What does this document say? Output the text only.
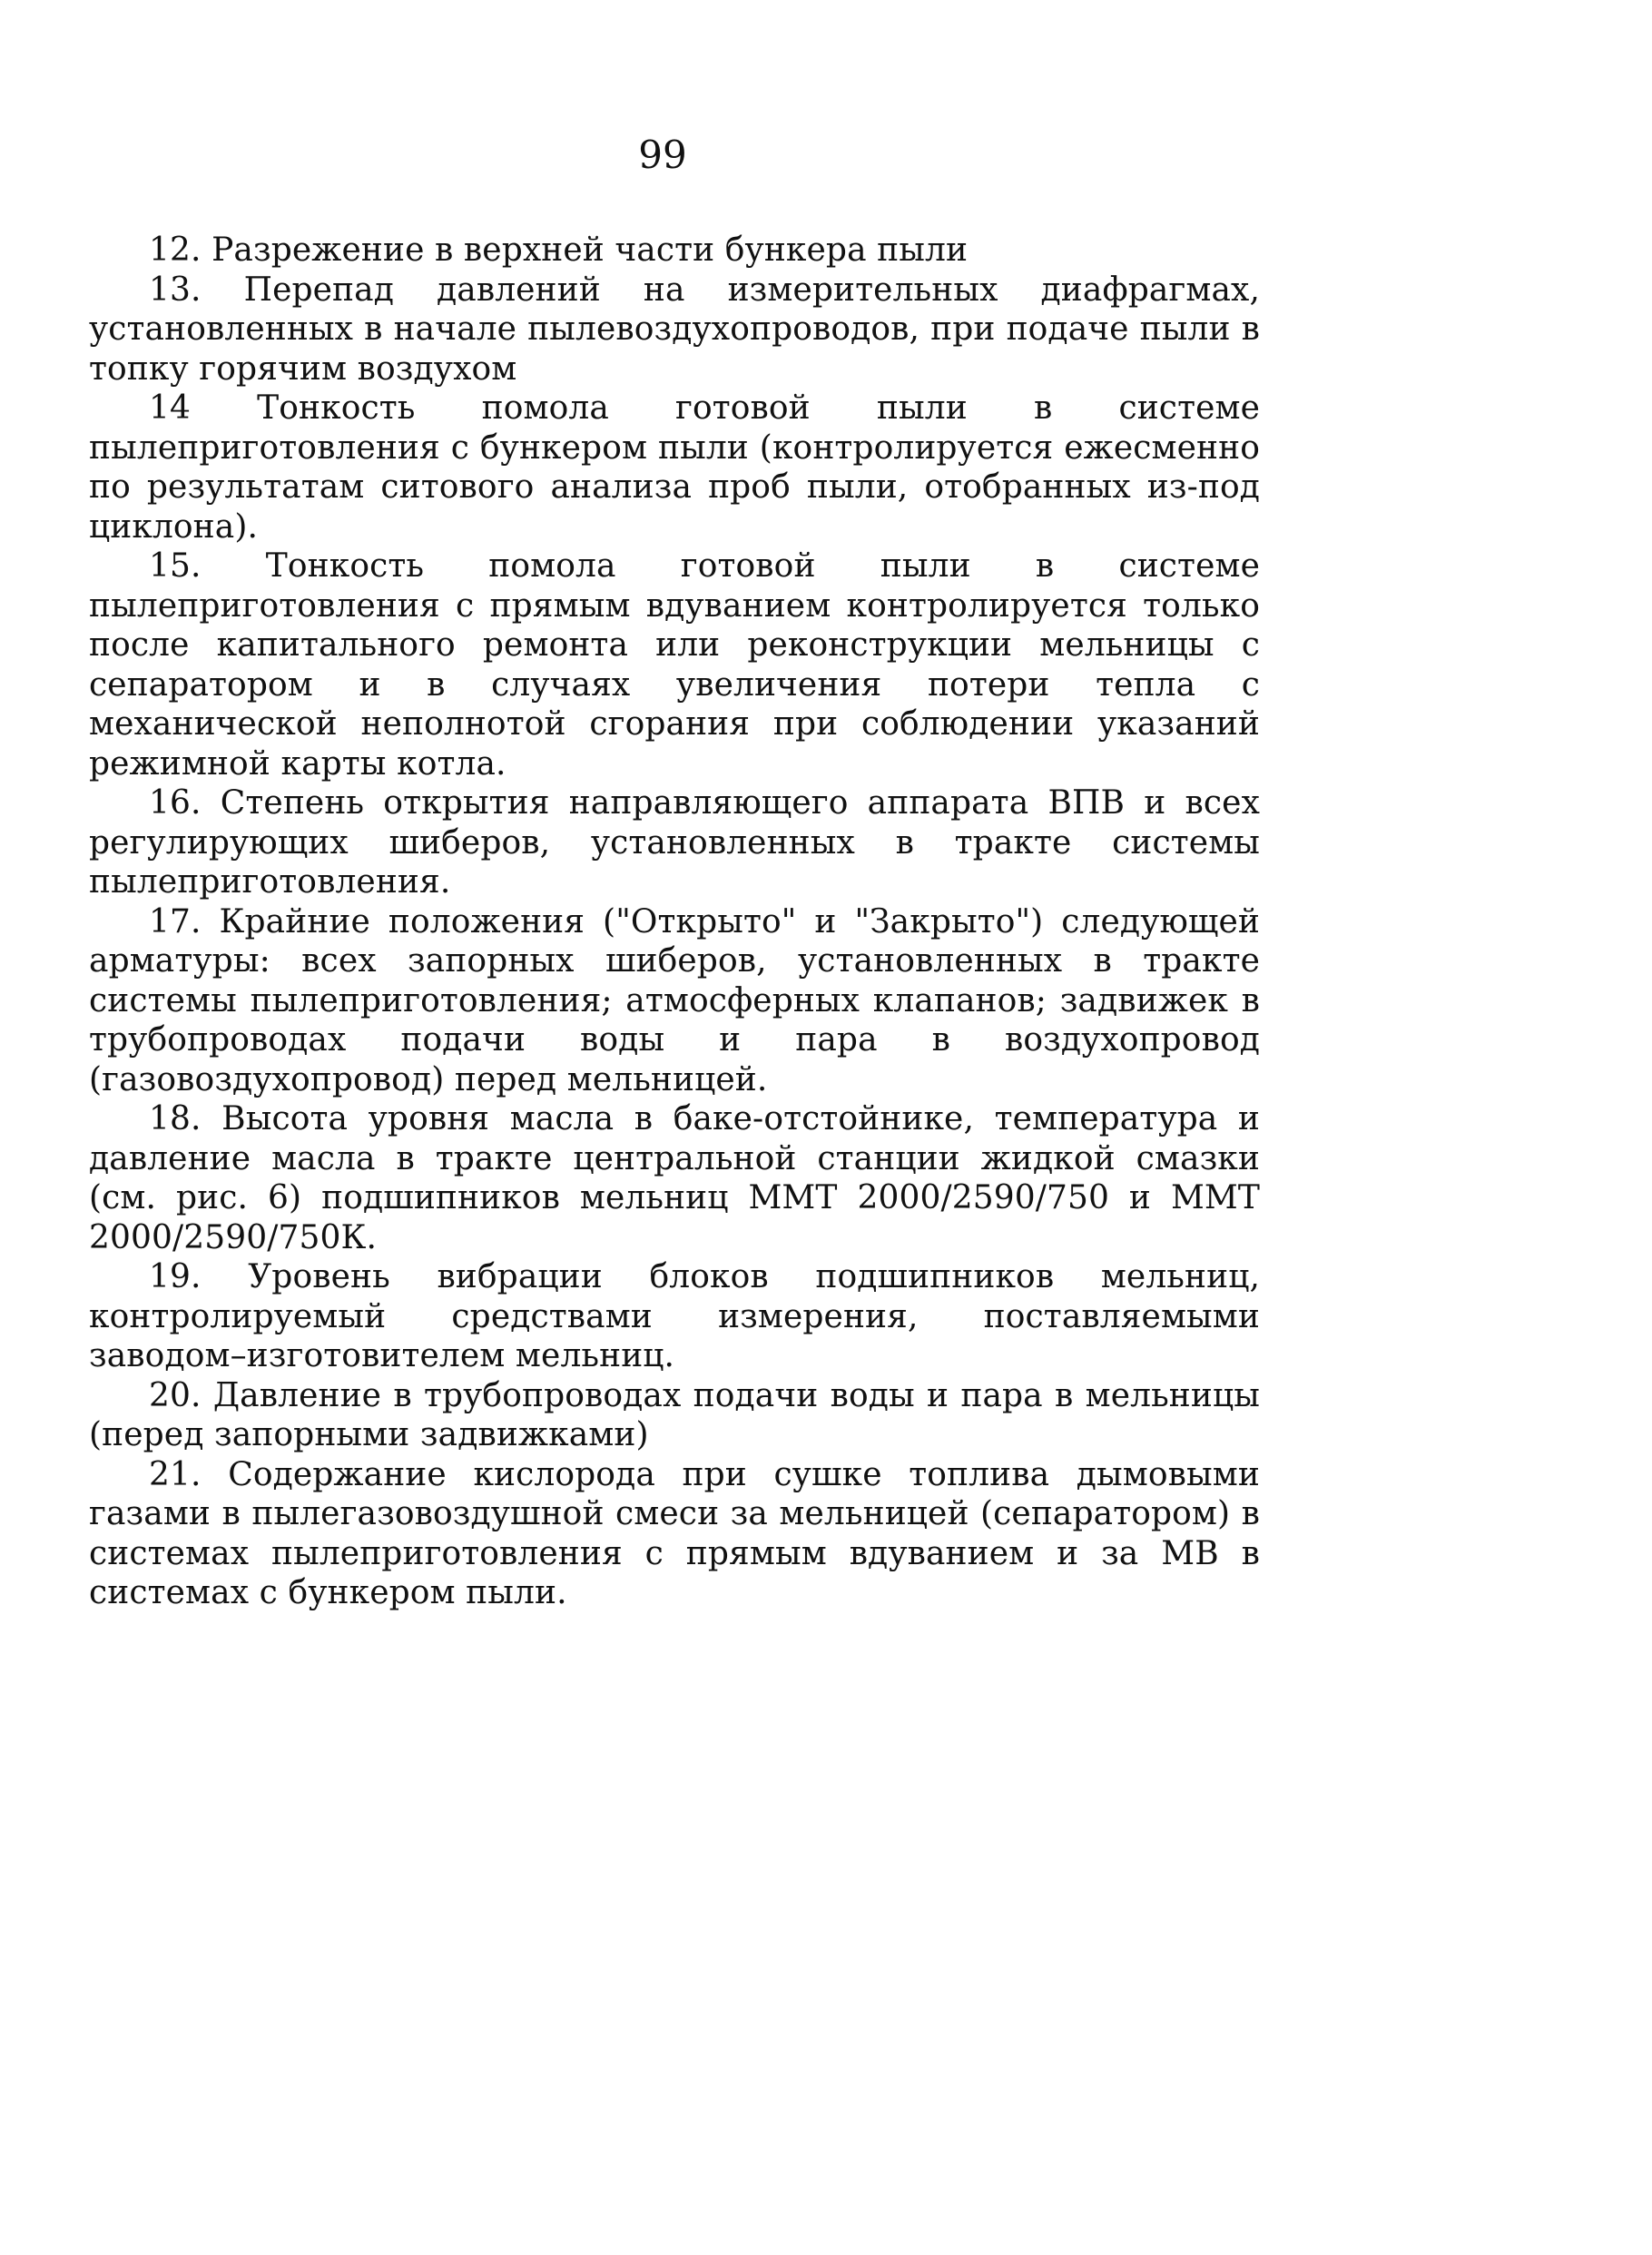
99

12. Разрежение в верхней части бункера пыли

13. Перепад давлений на измерительных диафрагмах, установленных в начале пылевоздухопроводов, при подаче пыли в топку горячим воздухом

14 Тонкость помола готовой пыли в системе пылеприготовления с бункером пыли (контролируется ежесменно по результатам ситового анализа проб пыли, отобранных из-под циклона).

15. Тонкость помола готовой пыли в системе пылеприготовления с прямым вдуванием контролируется только после капитального ремонта или реконструкции мельницы с сепаратором и в случаях увеличения потери тепла с механической неполнотой сгорания при соблюдении указаний режимной карты котла.

16. Степень открытия направляющего аппарата ВПВ и всех регулирующих шиберов, установленных в тракте системы пылеприготовления.

17. Крайние положения ("Открыто" и "Закрыто") следующей арматуры: всех запорных шиберов, установленных в тракте системы пылеприготовления; атмосферных клапанов; задвижек в трубопроводах подачи воды и пара в воздухопровод (газовоздухопровод) перед мельницей.

18. Высота уровня масла в баке-отстойнике, температура и давление масла в тракте центральной станции жидкой смазки (см. рис. 6) подшипников мельниц ММТ 2000/2590/750 и ММТ 2000/2590/750К.

19. Уровень вибрации блоков подшипников мельниц, контролируемый средствами измерения, поставляемыми заводом–изготовителем мельниц.

20. Давление в трубопроводах подачи воды и пара в мельницы (перед запорными задвижками)

21. Содержание кислорода при сушке топлива дымовыми газами в пылегазовоздушной смеси за мельницей (сепаратором) в системах пылеприготовления с прямым вдуванием и за МВ в системах с бункером пыли.
